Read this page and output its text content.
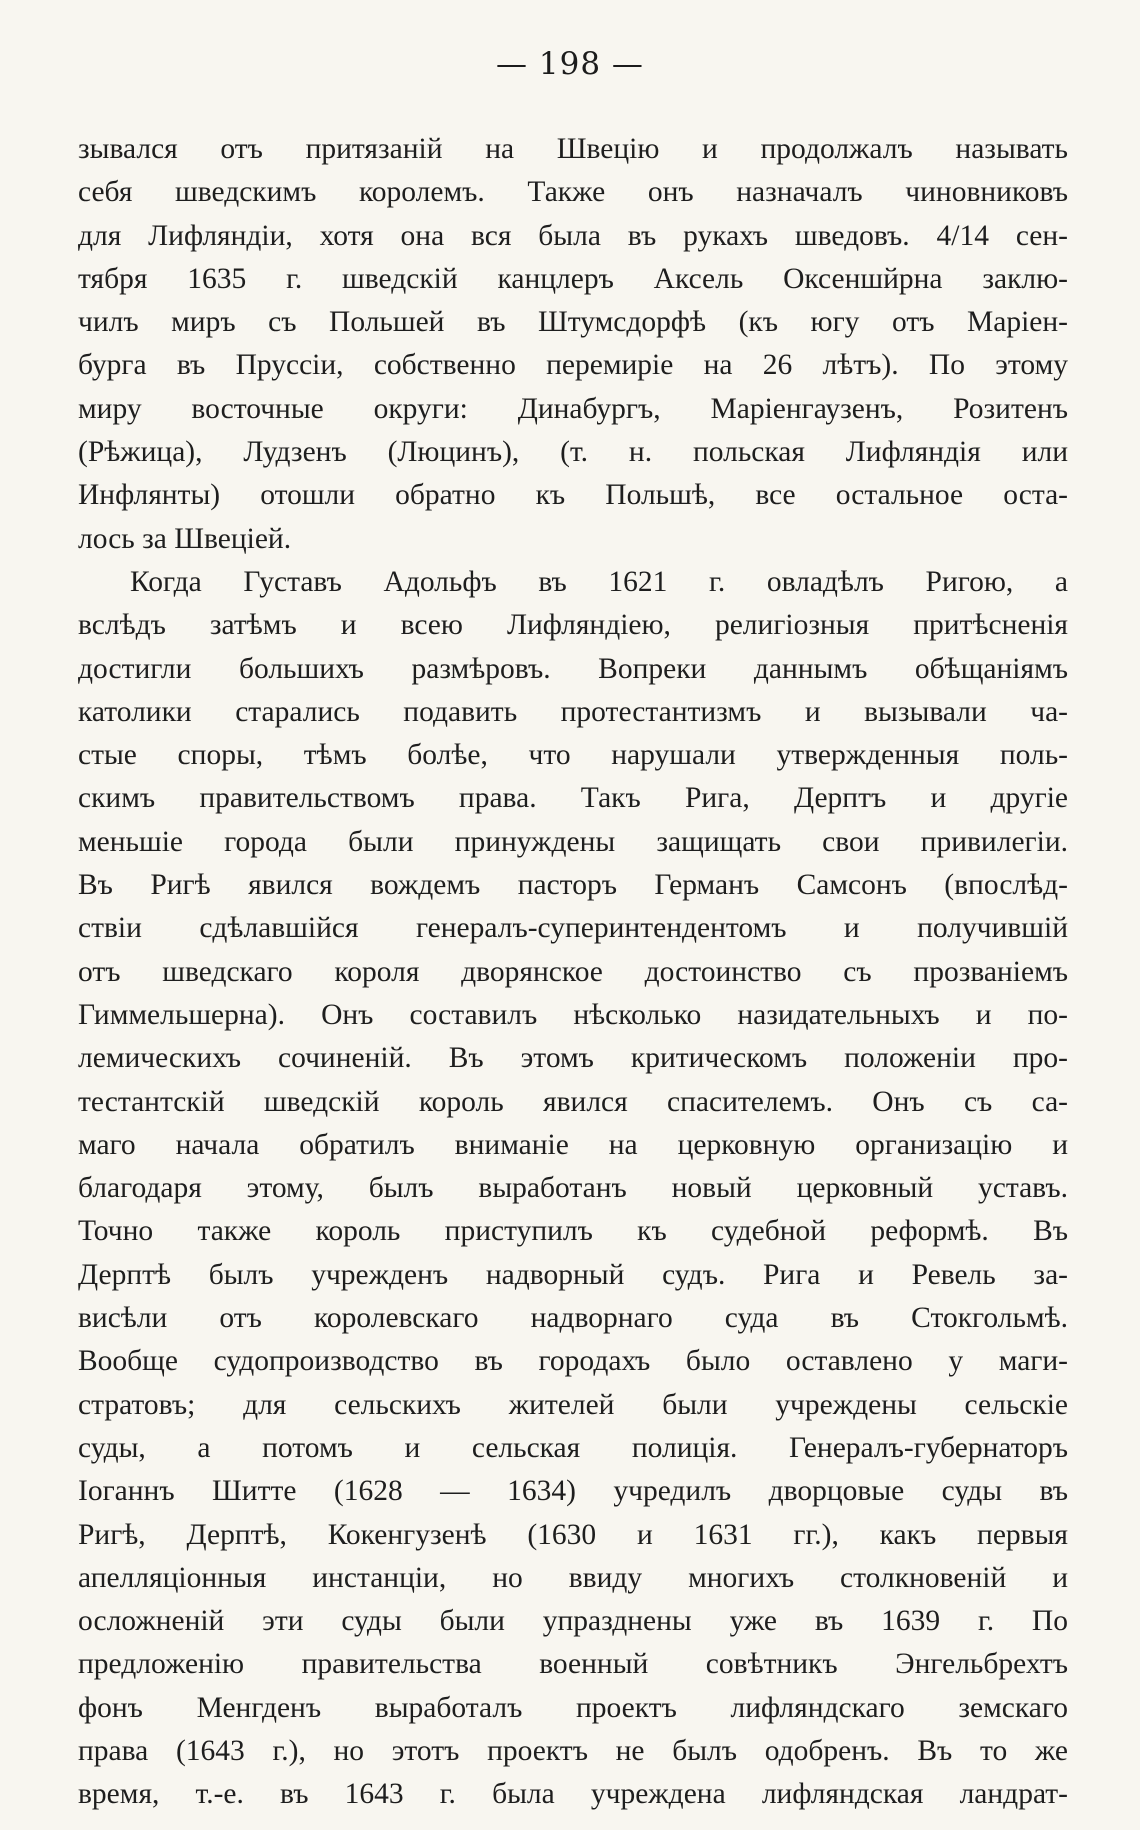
— 198 —
зывался отъ притязаній на Швецію и продолжалъ называть
себя шведскимъ королемъ. Также онъ назначалъ чиновниковъ
для Лифляндіи, хотя она вся была въ рукахъ шведовъ. 4/14 сен-
тября 1635 г. шведскій канцлеръ Аксель Оксеншйрна заклю-
чилъ миръ съ Польшей въ Штумсдорфѣ (къ югу отъ Маріен-
бурга въ Пруссіи, собственно перемиріе на 26 лѣтъ). По этому
миру восточные округи: Динабургъ, Маріенгаузенъ, Розитенъ
(Рѣжица), Лудзенъ (Люцинъ), (т. н. польская Лифляндія или
Инфлянты) отошли обратно къ Польшѣ, все остальное оста-
лось за Швеціей.
Когда Густавъ Адольфъ въ 1621 г. овладѣлъ Ригою, а
вслѣдъ затѣмъ и всею Лифляндіею, религіозныя притѣсненія
достигли большихъ размѣровъ. Вопреки даннымъ обѣщаніямъ
католики старались подавить протестантизмъ и вызывали ча-
стые споры, тѣмъ болѣе, что нарушали утвержденныя поль-
скимъ правительствомъ права. Такъ Рига, Дерптъ и другіе
меньшіе города были принуждены защищать свои привилегіи.
Въ Ригѣ явился вождемъ пасторъ Германъ Самсонъ (впослѣд-
ствіи сдѣлавшійся генералъ-суперинтендентомъ и получившій
отъ шведскаго короля дворянское достоинство съ прозваніемъ
Гиммельшерна). Онъ составилъ нѣсколько назидательныхъ и по-
лемическихъ сочиненій. Въ этомъ критическомъ положеніи про-
тестантскій шведскій король явился спасителемъ. Онъ съ са-
маго начала обратилъ вниманіе на церковную организацію и
благодаря этому, былъ выработанъ новый церковный уставъ.
Точно также король приступилъ къ судебной реформѣ. Въ
Дерптѣ былъ учрежденъ надворный судъ. Рига и Ревель за-
висѣли отъ королевскаго надворнаго суда въ Стокгольмѣ.
Вообще судопроизводство въ городахъ было оставлено у маги-
стратовъ; для сельскихъ жителей были учреждены сельскіе
суды, а потомъ и сельская полиція. Генералъ-губернаторъ
Іоганнъ Шитте (1628 — 1634) учредилъ дворцовые суды въ
Ригѣ, Дерптѣ, Кокенгузенѣ (1630 и 1631 гг.), какъ первыя
апелляціонныя инстанціи, но ввиду многихъ столкновеній и
осложненій эти суды были упразднены уже въ 1639 г. По
предложенію правительства военный совѣтникъ Энгельбрехтъ
фонъ Менгденъ выработалъ проектъ лифляндскаго земскаго
права (1643 г.), но этотъ проектъ не былъ одобренъ. Въ то же
время, т.-е. въ 1643 г. была учреждена лифляндская ландрат-
